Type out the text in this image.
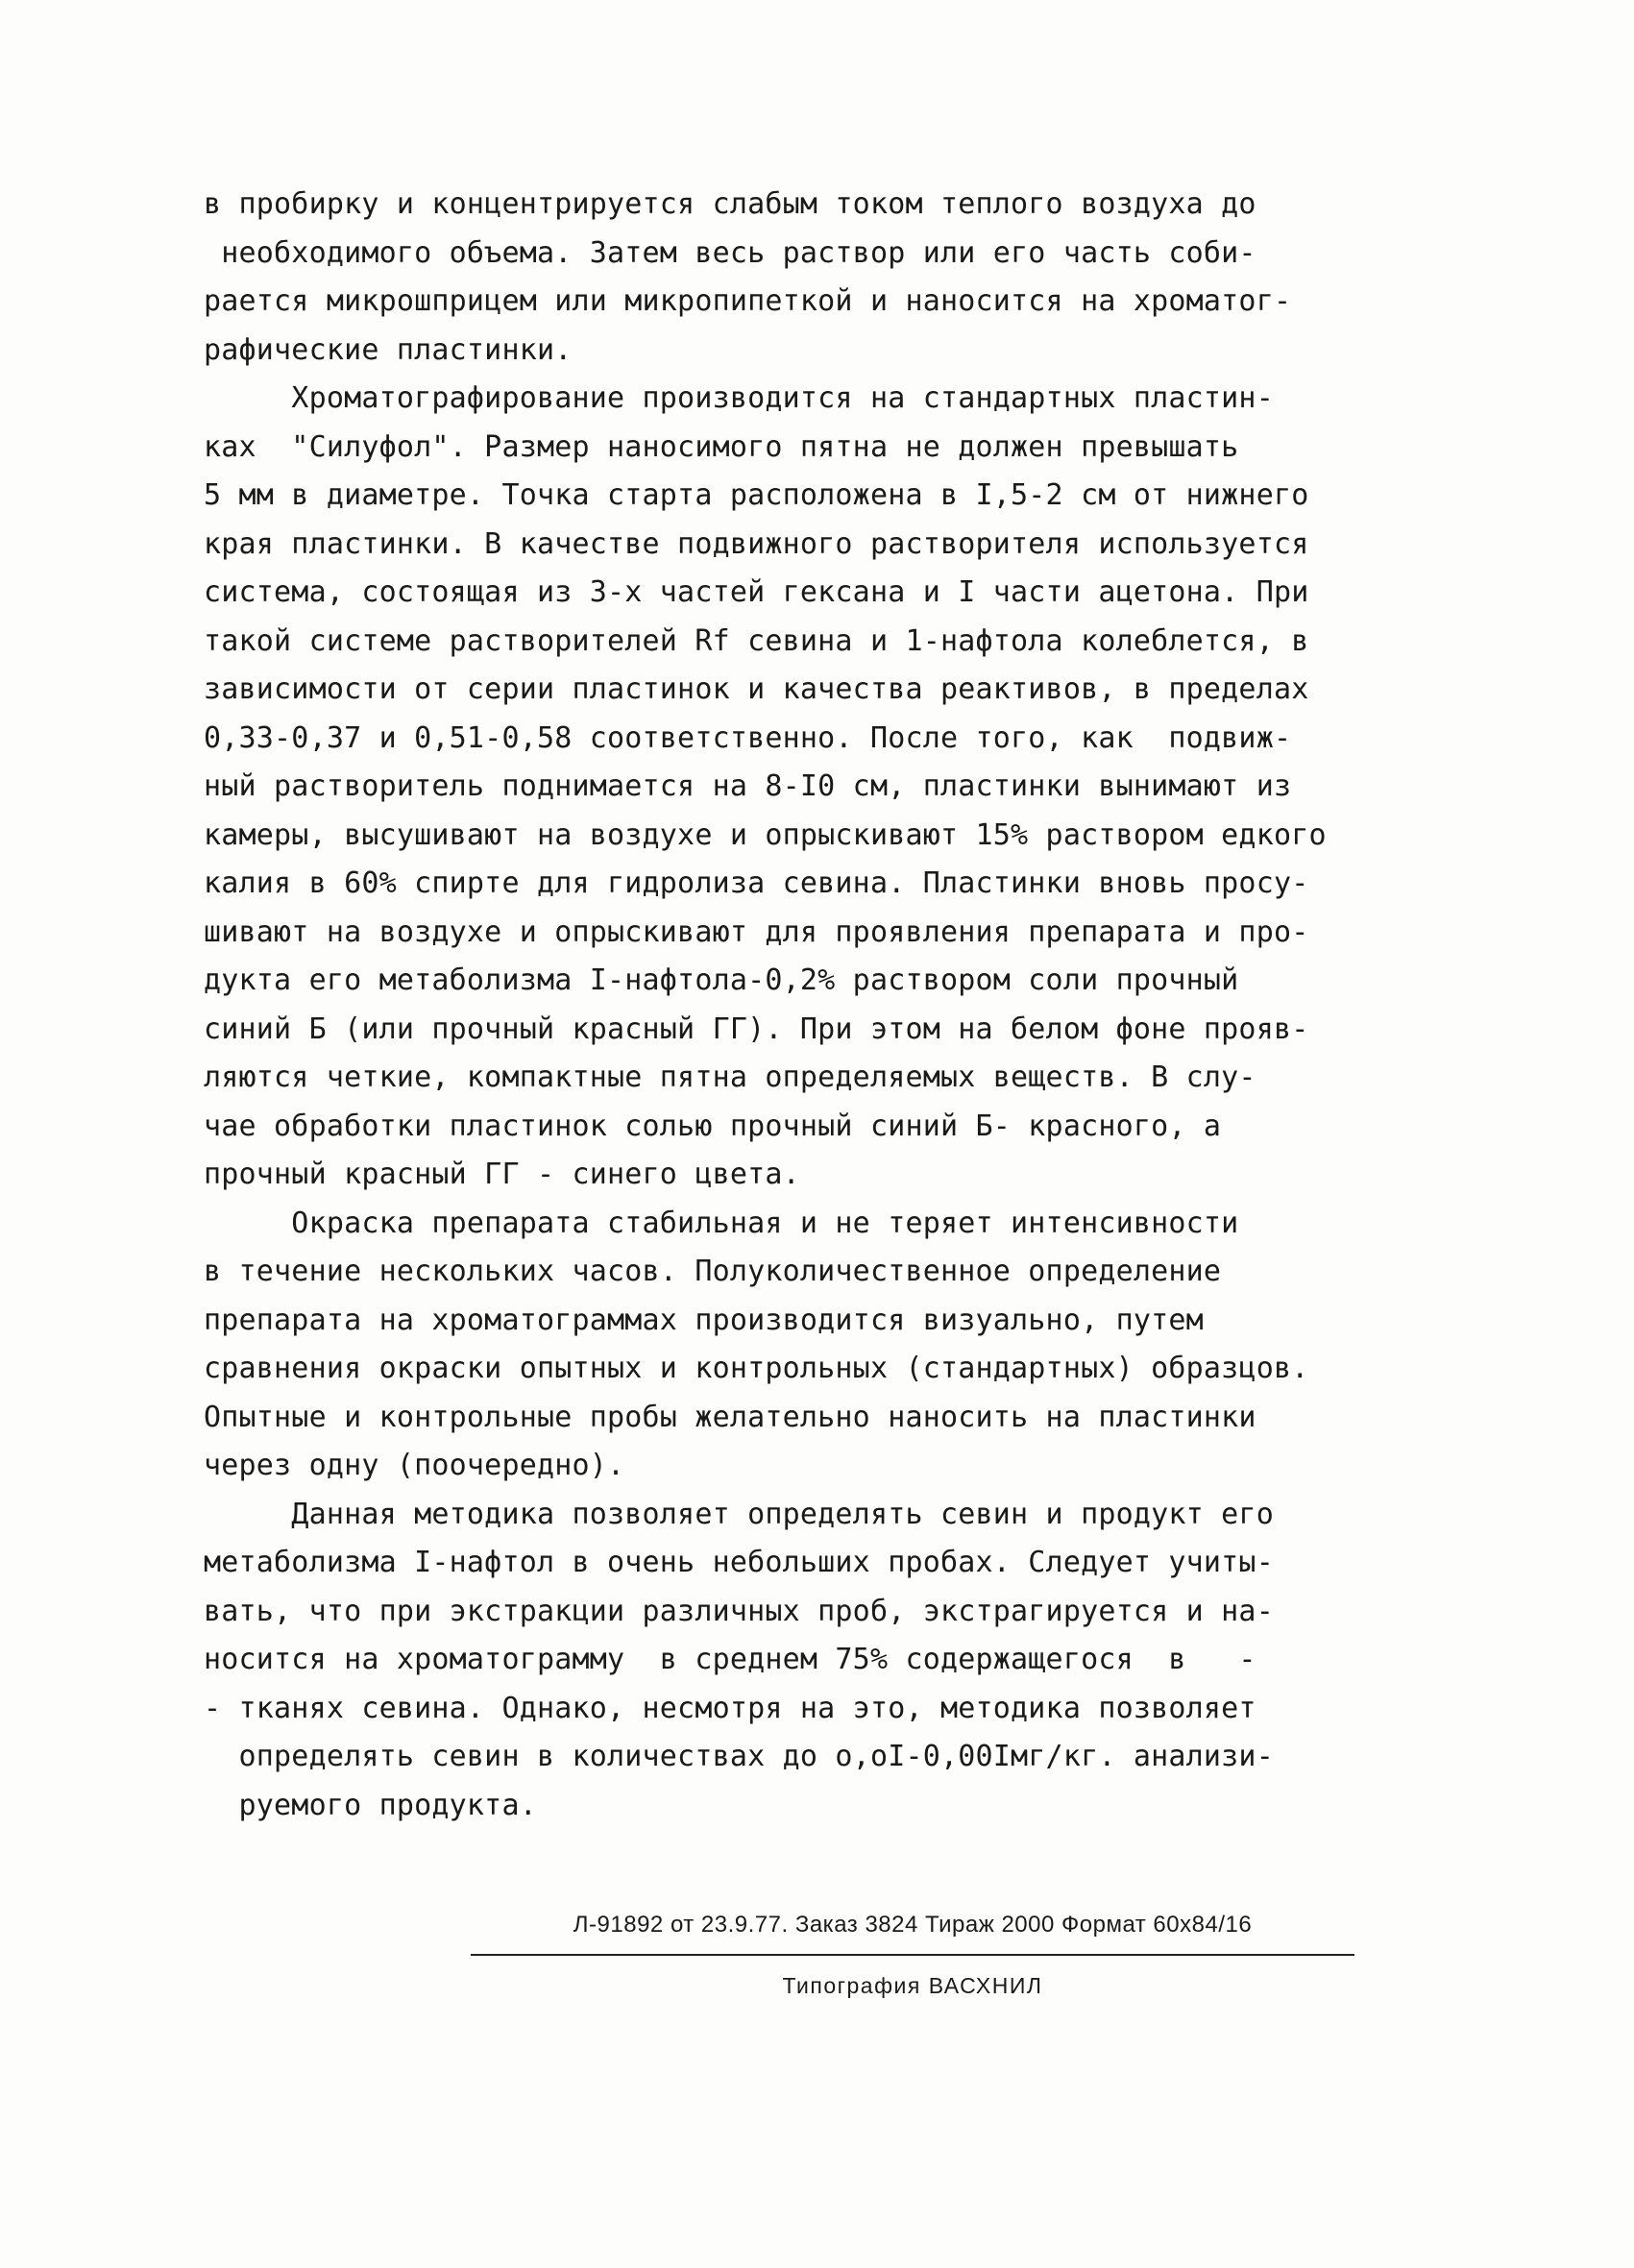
в пробирку и концентрируется слабым током теплого воздуха до
необходимого объема. Затем весь раствор или его часть соби-
рается микрошприцем или микропипеткой и наносится на хроматог-
рафические пластинки.
Хроматографирование производится на стандартных пластин-
ках  "Силуфол". Размер наносимого пятна не должен превышать
5 мм в диаметре. Точка старта расположена в I,5-2 см от нижнего
края пластинки. В качестве подвижного растворителя используется
система, состоящая из 3-х частей гексана и I части ацетона. При
такой системе растворителей Rf севина и 1-нафтола колеблется, в
зависимости от серии пластинок и качества реактивов, в пределах
0,33-0,37 и 0,51-0,58 соответственно. После того, как  подвиж-
ный растворитель поднимается на 8-I0 см, пластинки вынимают из
камеры, высушивают на воздухе и опрыскивают 15% раствором едкого
калия в 60% спирте для гидролиза севина. Пластинки вновь просу-
шивают на воздухе и опрыскивают для проявления препарата и про-
дукта его метаболизма I-нафтола-0,2% раствором соли прочный
синий Б (или прочный красный ГГ). При этом на белом фоне прояв-
ляются четкие, компактные пятна определяемых веществ. В слу-
чае обработки пластинок солью прочный синий Б- красного, а
прочный красный ГГ - синего цвета.
Окраска препарата стабильная и не теряет интенсивности
в течение нескольких часов. Полуколичественное определение
препарата на хроматограммах производится визуально, путем
сравнения окраски опытных и контрольных (стандартных) образцов.
Опытные и контрольные пробы желательно наносить на пластинки
через одну (поочередно).
Данная методика позволяет определять севин и продукт его
метаболизма I-нафтол в очень небольших пробах. Следует учиты-
вать, что при экстракции различных проб, экстрагируется и на-
носится на хроматограмму  в среднем 75% содержащегося  в   -
- тканях севина. Однако, несмотря на это, методика позволяет
определять севин в количествах до о,оI-0,00Iмг/кг. анализи-
руемого продукта.
Л-91892 от 23.9.77. Заказ 3824 Тираж 2000 Формат 60х84/16
Типография ВАСХНИЛ
